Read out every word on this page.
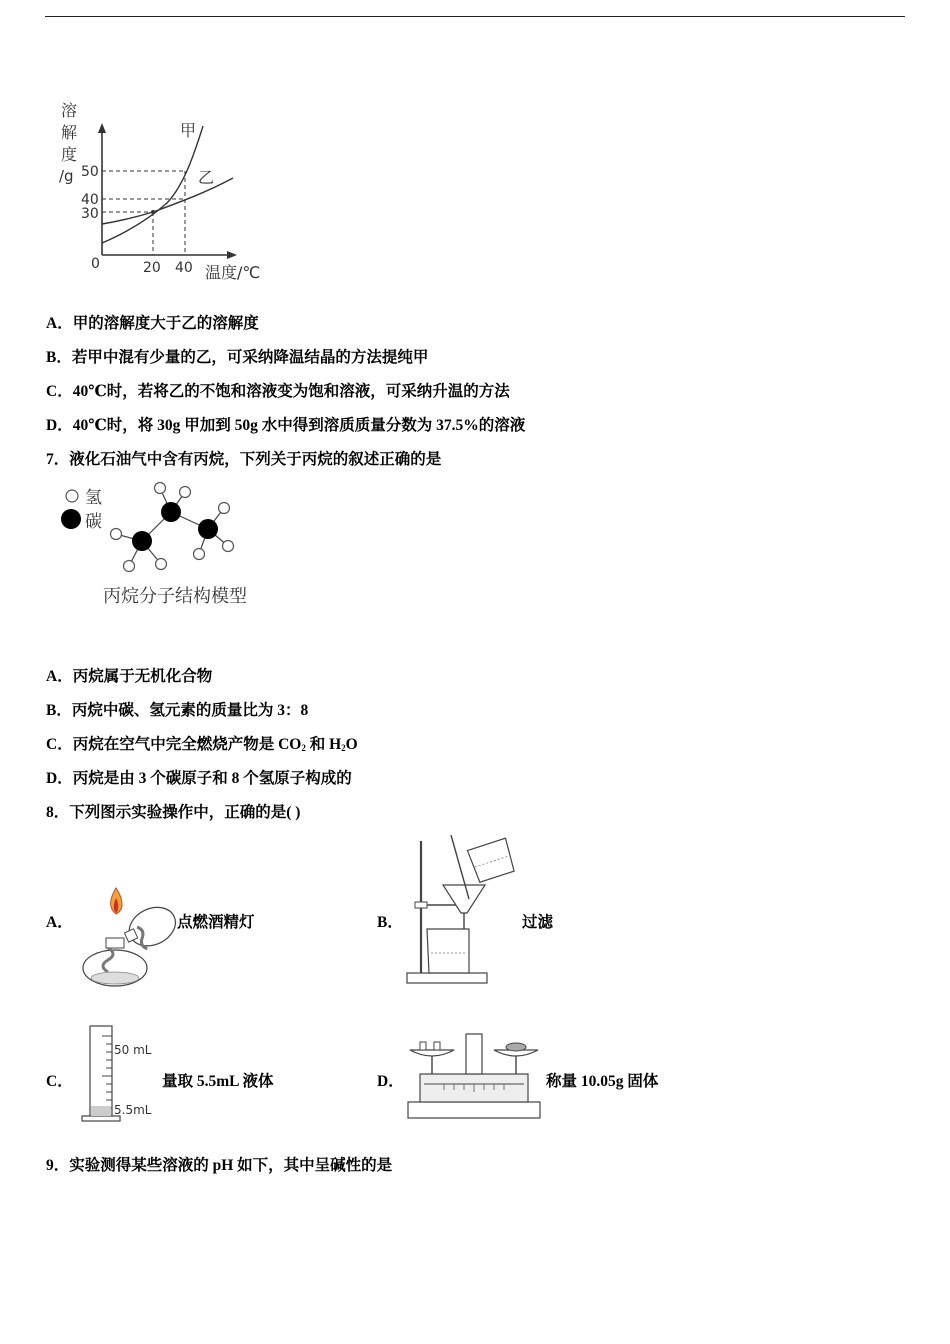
溶
解
度
/g 50
40
30
0	20 40 温度/℃
甲
乙
A．甲的溶解度大于乙的溶解度
B．若甲中混有少量的乙，可采纳降温结晶的方法提纯甲
C．40℃时，若将乙的不饱和溶液变为饱和溶液，可采纳升温的方法
D．40℃时，将 30g 甲加到 50g 水中得到溶质质量分数为 37.5%的溶液
7．液化石油气中含有丙烷，下列关于丙烷的叙述正确的是
氢
碳
丙烷分子结构模型
A．丙烷属于无机化合物
B．丙烷中碳、氢元素的质量比为 3：8
C．丙烷在空气中完全燃烧产物是 $CO_2$ 和 $H_2O$
D．丙烷是由 3 个碳原子和 8 个氢原子构成的
8．下列图示实验操作中，正确的是( )
A．	点燃酒精灯	B．	过滤
C．
50 mL
5.5mL
量取 5.5mL 液体	D．	称量 10.05g 固体
9．实验测得某些溶液的 pH 如下，其中呈碱性的是
